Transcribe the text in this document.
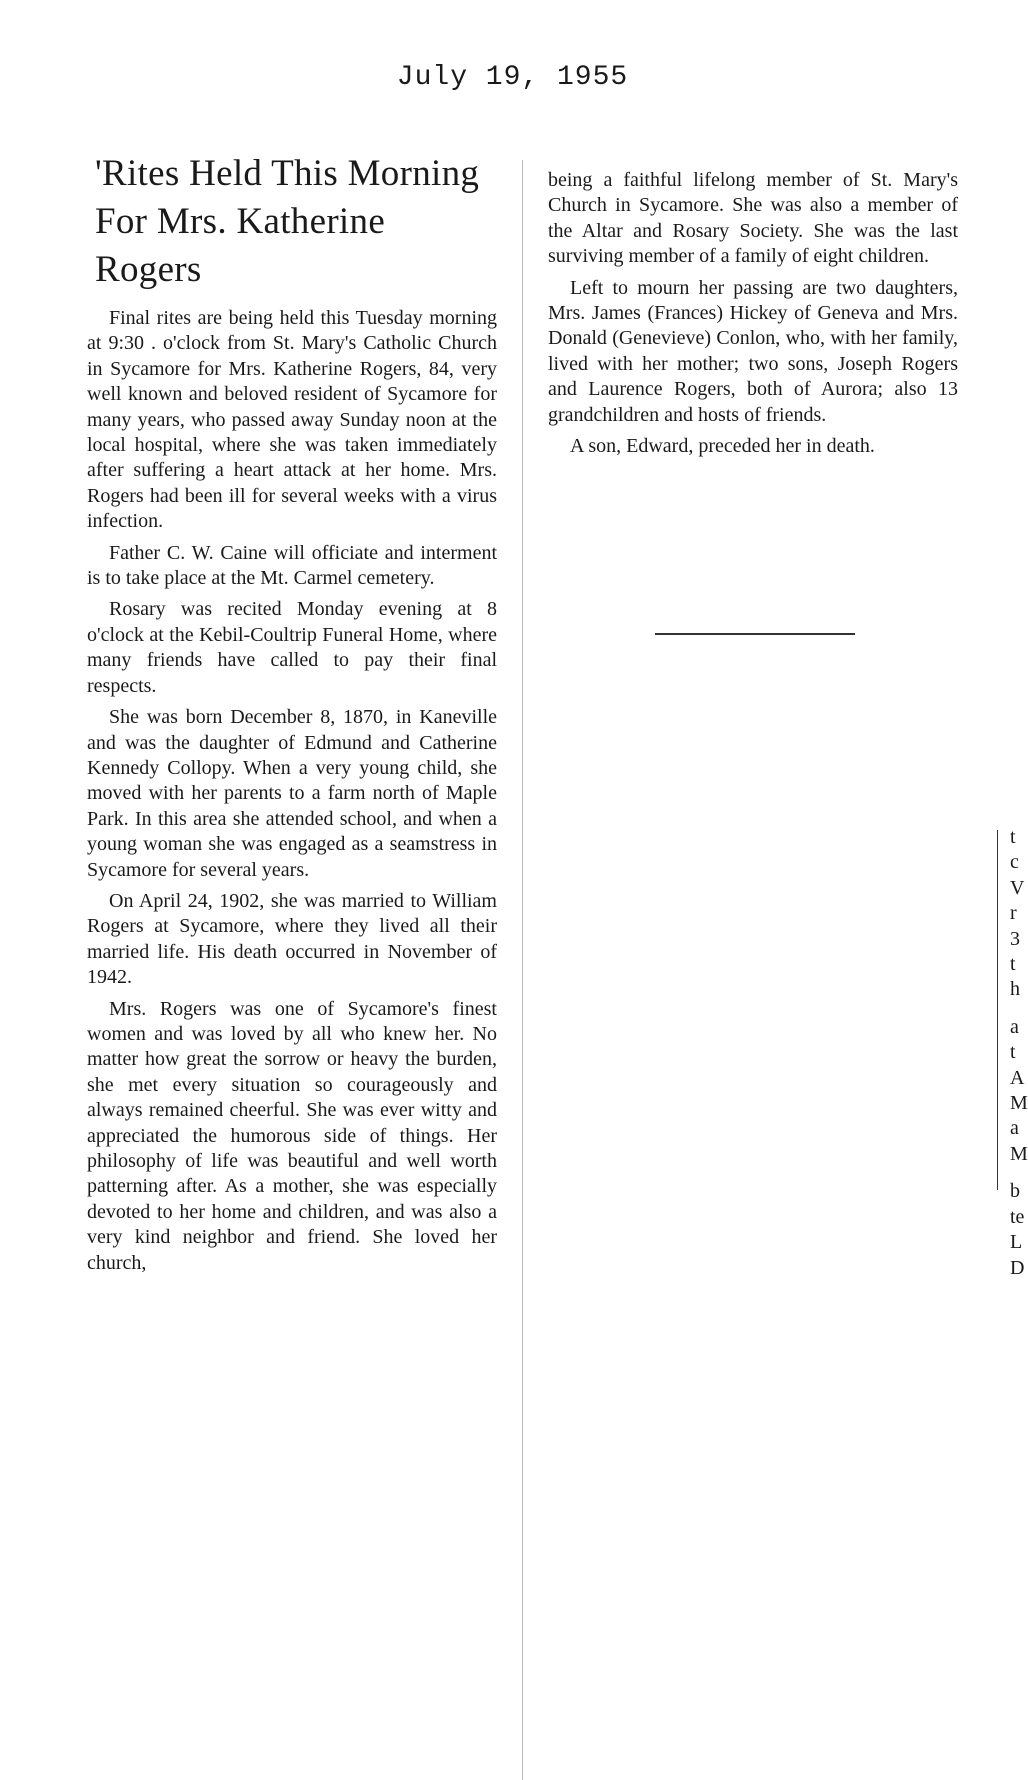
July 19, 1955
'Rites Held This Morning For Mrs. Katherine Rogers

Final rites are being held this Tuesday morning at 9:30 . o'clock from St. Mary's Catholic Church in Sycamore for Mrs. Katherine Rogers, 84, very well known and beloved resident of Sycamore for many years, who passed away Sunday noon at the local hospital, where she was taken immediately after suffering a heart attack at her home. Mrs. Rogers had been ill for several weeks with a virus infection.

Father C. W. Caine will officiate and interment is to take place at the Mt. Carmel cemetery.

Rosary was recited Monday evening at 8 o'clock at the Kebil-Coultrip Funeral Home, where many friends have called to pay their final respects.

She was born December 8, 1870, in Kaneville and was the daughter of Edmund and Catherine Kennedy Collopy. When a very young child, she moved with her parents to a farm north of Maple Park. In this area she attended school, and when a young woman she was engaged as a seamstress in Sycamore for several years.

On April 24, 1902, she was married to William Rogers at Sycamore, where they lived all their married life. His death occurred in November of 1942.

Mrs. Rogers was one of Sycamore's finest women and was loved by all who knew her. No matter how great the sorrow or heavy the burden, she met every situation so courageously and always remained cheerful. She was ever witty and appreciated the humorous side of things. Her philosophy of life was beautiful and well worth patterning after. As a mother, she was especially devoted to her home and children, and was also a very kind neighbor and friend. She loved her church,

being a faithful lifelong member of St. Mary's Church in Sycamore. She was also a member of the Altar and Rosary Society. She was the last surviving member of a family of eight children.

Left to mourn her passing are two daughters, Mrs. James (Frances) Hickey of Geneva and Mrs. Donald (Genevieve) Conlon, who, with her family, lived with her mother; two sons, Joseph Rogers and Laurence Rogers, both of Aurora; also 13 grandchildren and hosts of friends.

A son, Edward, preceded her in death.

t
c
V
r
3
t
h
a
t
A
M
a
M
b
te
L
D
